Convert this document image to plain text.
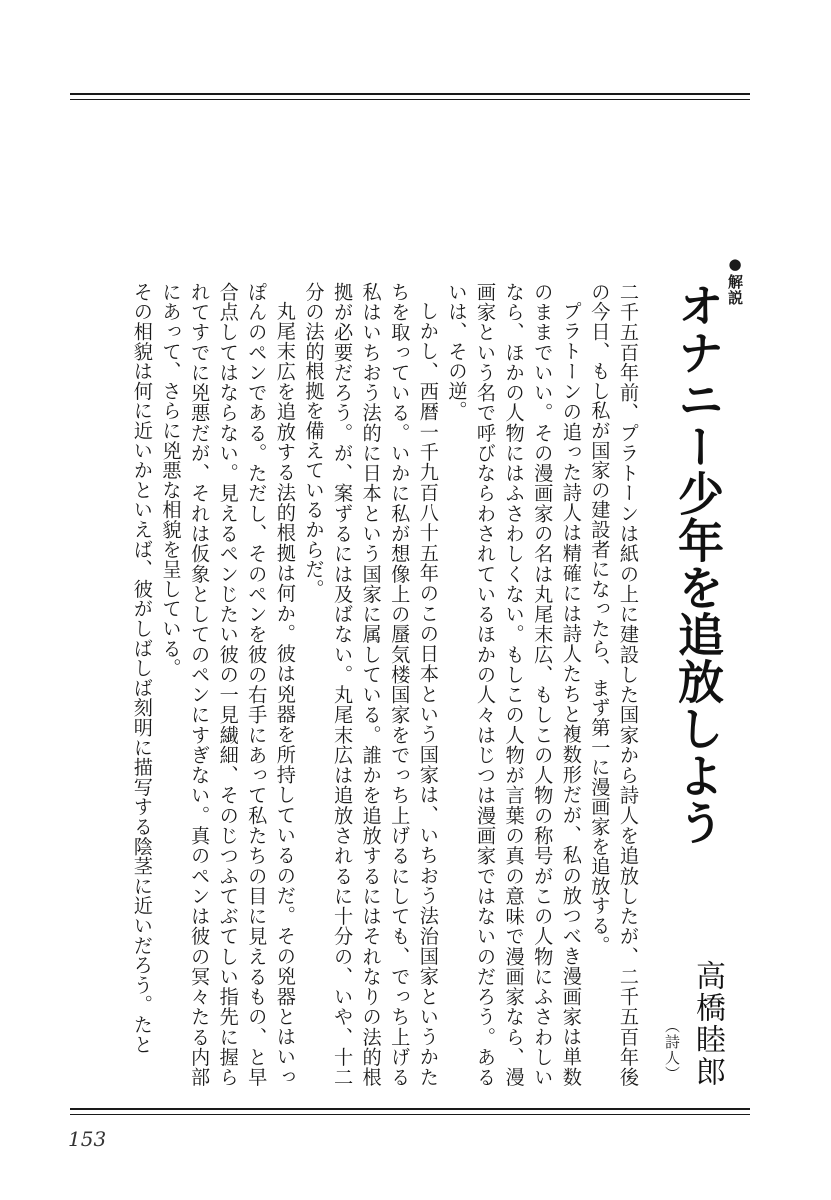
●解説
オナニー少年を追放しよう
高橋睦郎
（詩人）

二千五百年前、プラトーンは紙の上に建設した国家から詩人を追放したが、二千五百年後の今日、もし私が国家の建設者になったら、まず第一に漫画家を追放する。

プラトーンの追った詩人は精確には詩人たちと複数形だが、私の放つべき漫画家は単数のままでいい。その漫画家の名は丸尾末広、もしこの人物の称号がこの人物にふさわしいなら、ほかの人物にはふさわしくない。もしこの人物が言葉の真の意味で漫画家なら、漫画家という名で呼びならわされているほかの人々はじつは漫画家ではないのだろう。あるいは、その逆。

しかし、西暦一千九百八十五年のこの日本という国家は、いちおう法治国家というかたちを取っている。いかに私が想像上の蜃気楼国家をでっち上げるにしても、でっち上げる私はいちおう法的に日本という国家に属している。誰かを追放するにはそれなりの法的根拠が必要だろう。が、案ずるには及ばない。丸尾末広は追放されるに十分の、いや、十二分の法的根拠を備えているからだ。

丸尾末広を追放する法的根拠は何か。彼は兇器を所持しているのだ。その兇器とはいっぽんのペンである。ただし、そのペンを彼の右手にあって私たちの目に見えるもの、と早合点してはならない。見えるペンじたい彼の一見繊細、そのじつふてぶてしい指先に握られてすでに兇悪だが、それは仮象としてのペンにすぎない。真のペンは彼の冥々たる内部にあって、さらに兇悪な相貌を呈している。

その相貌は何に近いかといえば、彼がしばしば刻明に描写する陰茎に近いだろう。たと

153
